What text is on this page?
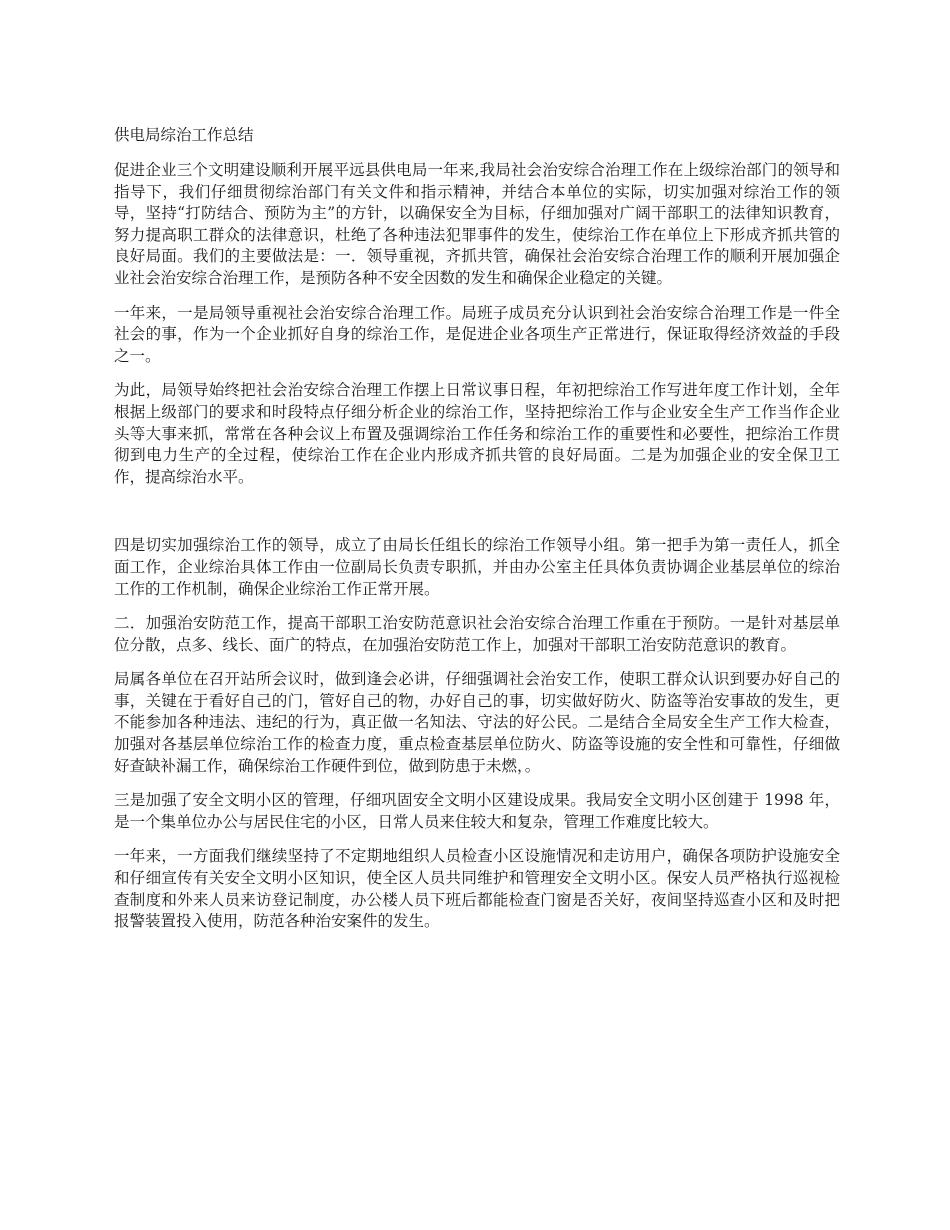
供电局综治工作总结

促进企业三个文明建设顺利开展平远县供电局一年来,我局社会治安综合治理工作在上级综治部门的领导和指导下，我们仔细贯彻综治部门有关文件和指示精神，并结合本单位的实际，切实加强对综治工作的领导，坚持“打防结合、预防为主”的方针，以确保安全为目标，仔细加强对广阔干部职工的法律知识教育，努力提高职工群众的法律意识，杜绝了各种违法犯罪事件的发生，使综治工作在单位上下形成齐抓共管的良好局面。我们的主要做法是：一．领导重视，齐抓共管，确保社会治安综合治理工作的顺利开展加强企业社会治安综合治理工作，是预防各种不安全因数的发生和确保企业稳定的关键。

一年来，一是局领导重视社会治安综合治理工作。局班子成员充分认识到社会治安综合治理工作是一件全社会的事，作为一个企业抓好自身的综治工作，是促进企业各项生产正常进行，保证取得经济效益的手段之一。

为此，局领导始终把社会治安综合治理工作摆上日常议事日程，年初把综治工作写进年度工作计划，全年根据上级部门的要求和时段特点仔细分析企业的综治工作，坚持把综治工作与企业安全生产工作当作企业头等大事来抓，常常在各种会议上布置及强调综治工作任务和综治工作的重要性和必要性，把综治工作贯彻到电力生产的全过程，使综治工作在企业内形成齐抓共管的良好局面。二是为加强企业的安全保卫工作，提高综治水平。

四是切实加强综治工作的领导，成立了由局长任组长的综治工作领导小组。第一把手为第一责任人，抓全面工作，企业综治具体工作由一位副局长负责专职抓，并由办公室主任具体负责协调企业基层单位的综治工作的工作机制，确保企业综治工作正常开展。

二．加强治安防范工作，提高干部职工治安防范意识社会治安综合治理工作重在于预防。一是针对基层单位分散，点多、线长、面广的特点，在加强治安防范工作上，加强对干部职工治安防范意识的教育。

局属各单位在召开站所会议时，做到逢会必讲，仔细强调社会治安工作，使职工群众认识到要办好自己的事，关键在于看好自己的门，管好自己的物，办好自己的事，切实做好防火、防盗等治安事故的发生，更不能参加各种违法、违纪的行为，真正做一名知法、守法的好公民。二是结合全局安全生产工作大检查，加强对各基层单位综治工作的检查力度，重点检查基层单位防火、防盗等设施的安全性和可靠性，仔细做好查缺补漏工作，确保综治工作硬件到位，做到防患于未燃，。

三是加强了安全文明小区的管理，仔细巩固安全文明小区建设成果。我局安全文明小区创建于 1998 年，是一个集单位办公与居民住宅的小区，日常人员来住较大和复杂，管理工作难度比较大。

一年来，一方面我们继续坚持了不定期地组织人员检查小区设施情况和走访用户，确保各项防护设施安全和仔细宣传有关安全文明小区知识，使全区人员共同维护和管理安全文明小区。保安人员严格执行巡视检查制度和外来人员来访登记制度，办公楼人员下班后都能检查门窗是否关好，夜间坚持巡查小区和及时把报警装置投入使用，防范各种治安案件的发生。
